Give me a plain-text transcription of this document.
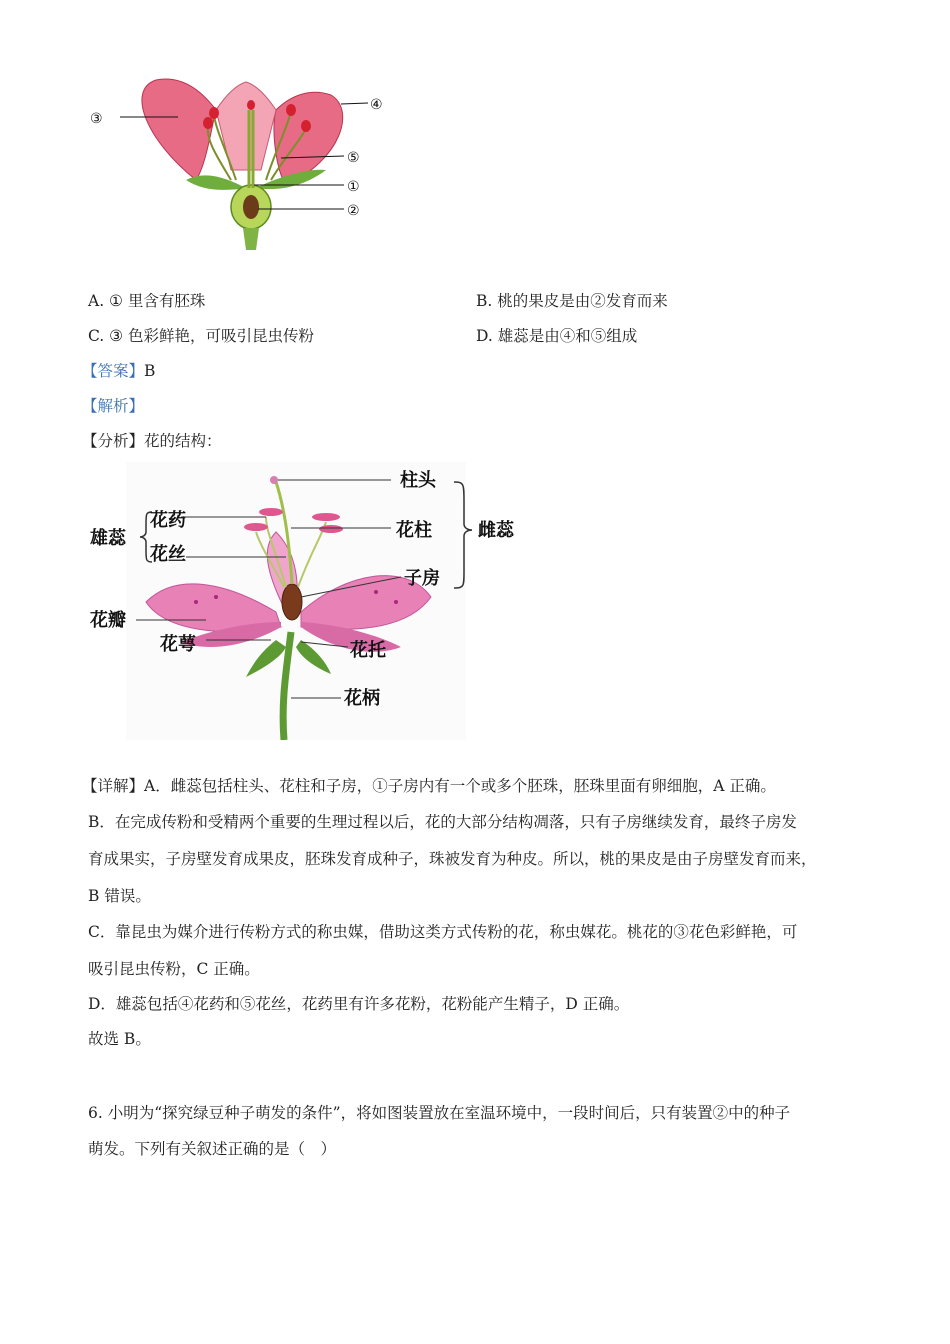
③
④
⑤
①
②
A. ① 里含有胚珠	B. 桃的果皮是由②发育而来
C. ③ 色彩鲜艳，可吸引昆虫传粉	D. 雄蕊是由④和⑤组成
【答案】B
【解析】
【分析】花的结构：
柱头
花柱
子房
雌蕊
雄蕊
花药
花丝
花瓣
花萼	花托
花柄
【详解】A．雌蕊包括柱头、花柱和子房，①子房内有一个或多个胚珠，胚珠里面有卵细胞，A 正确。
B．在完成传粉和受精两个重要的生理过程以后，花的大部分结构凋落，只有子房继续发育，最终子房发
育成果实，子房壁发育成果皮，胚珠发育成种子，珠被发育为种皮。所以，桃的果皮是由子房壁发育而来，
B 错误。
C．靠昆虫为媒介进行传粉方式的称虫媒，借助这类方式传粉的花，称虫媒花。桃花的③花色彩鲜艳，可
吸引昆虫传粉，C 正确。
D．雄蕊包括④花药和⑤花丝，花药里有许多花粉，花粉能产生精子，D 正确。
故选 B。
6. 小明为“探究绿豆种子萌发的条件”，将如图装置放在室温环境中，一段时间后，只有装置②中的种子
萌发。下列有关叙述正确的是（　）
